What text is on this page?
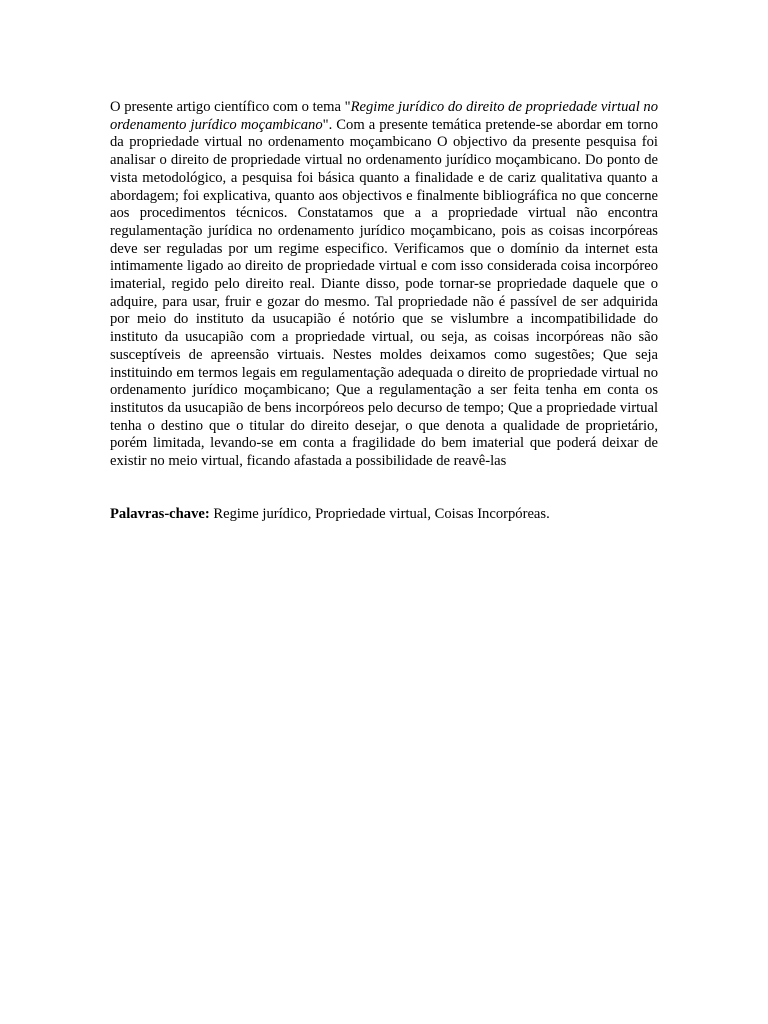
O presente artigo científico com o tema "Regime jurídico do direito de propriedade virtual no ordenamento jurídico moçambicano". Com a presente temática pretende-se abordar em torno da propriedade virtual no ordenamento moçambicano O objectivo da presente pesquisa foi analisar o direito de propriedade virtual no ordenamento jurídico moçambicano. Do ponto de vista metodológico, a pesquisa foi básica quanto a finalidade e de cariz qualitativa quanto a abordagem; foi explicativa, quanto aos objectivos e finalmente bibliográfica no que concerne aos procedimentos técnicos. Constatamos que a a propriedade virtual não encontra regulamentação jurídica no ordenamento jurídico moçambicano, pois as coisas incorpóreas deve ser reguladas por um regime especifico. Verificamos que o domínio da internet esta intimamente ligado ao direito de propriedade virtual e com isso considerada coisa incorpóreo imaterial, regido pelo direito real. Diante disso, pode tornar-se propriedade daquele que o adquire, para usar, fruir e gozar do mesmo. Tal propriedade não é passível de ser adquirida por meio do instituto da usucapião é notório que se vislumbre a incompatibilidade do instituto da usucapião com a propriedade virtual, ou seja, as coisas incorpóreas não são susceptíveis de apreensão virtuais. Nestes moldes deixamos como sugestões; Que seja instituindo em termos legais em regulamentação adequada o direito de propriedade virtual no ordenamento jurídico moçambicano; Que a regulamentação a ser feita tenha em conta os institutos da usucapião de bens incorpóreos pelo decurso de tempo; Que a propriedade virtual tenha o destino que o titular do direito desejar, o que denota a qualidade de proprietário, porém limitada, levando-se em conta a fragilidade do bem imaterial que poderá deixar de existir no meio virtual, ficando afastada a possibilidade de reavê-las

Palavras-chave: Regime jurídico, Propriedade virtual, Coisas Incorpóreas.
